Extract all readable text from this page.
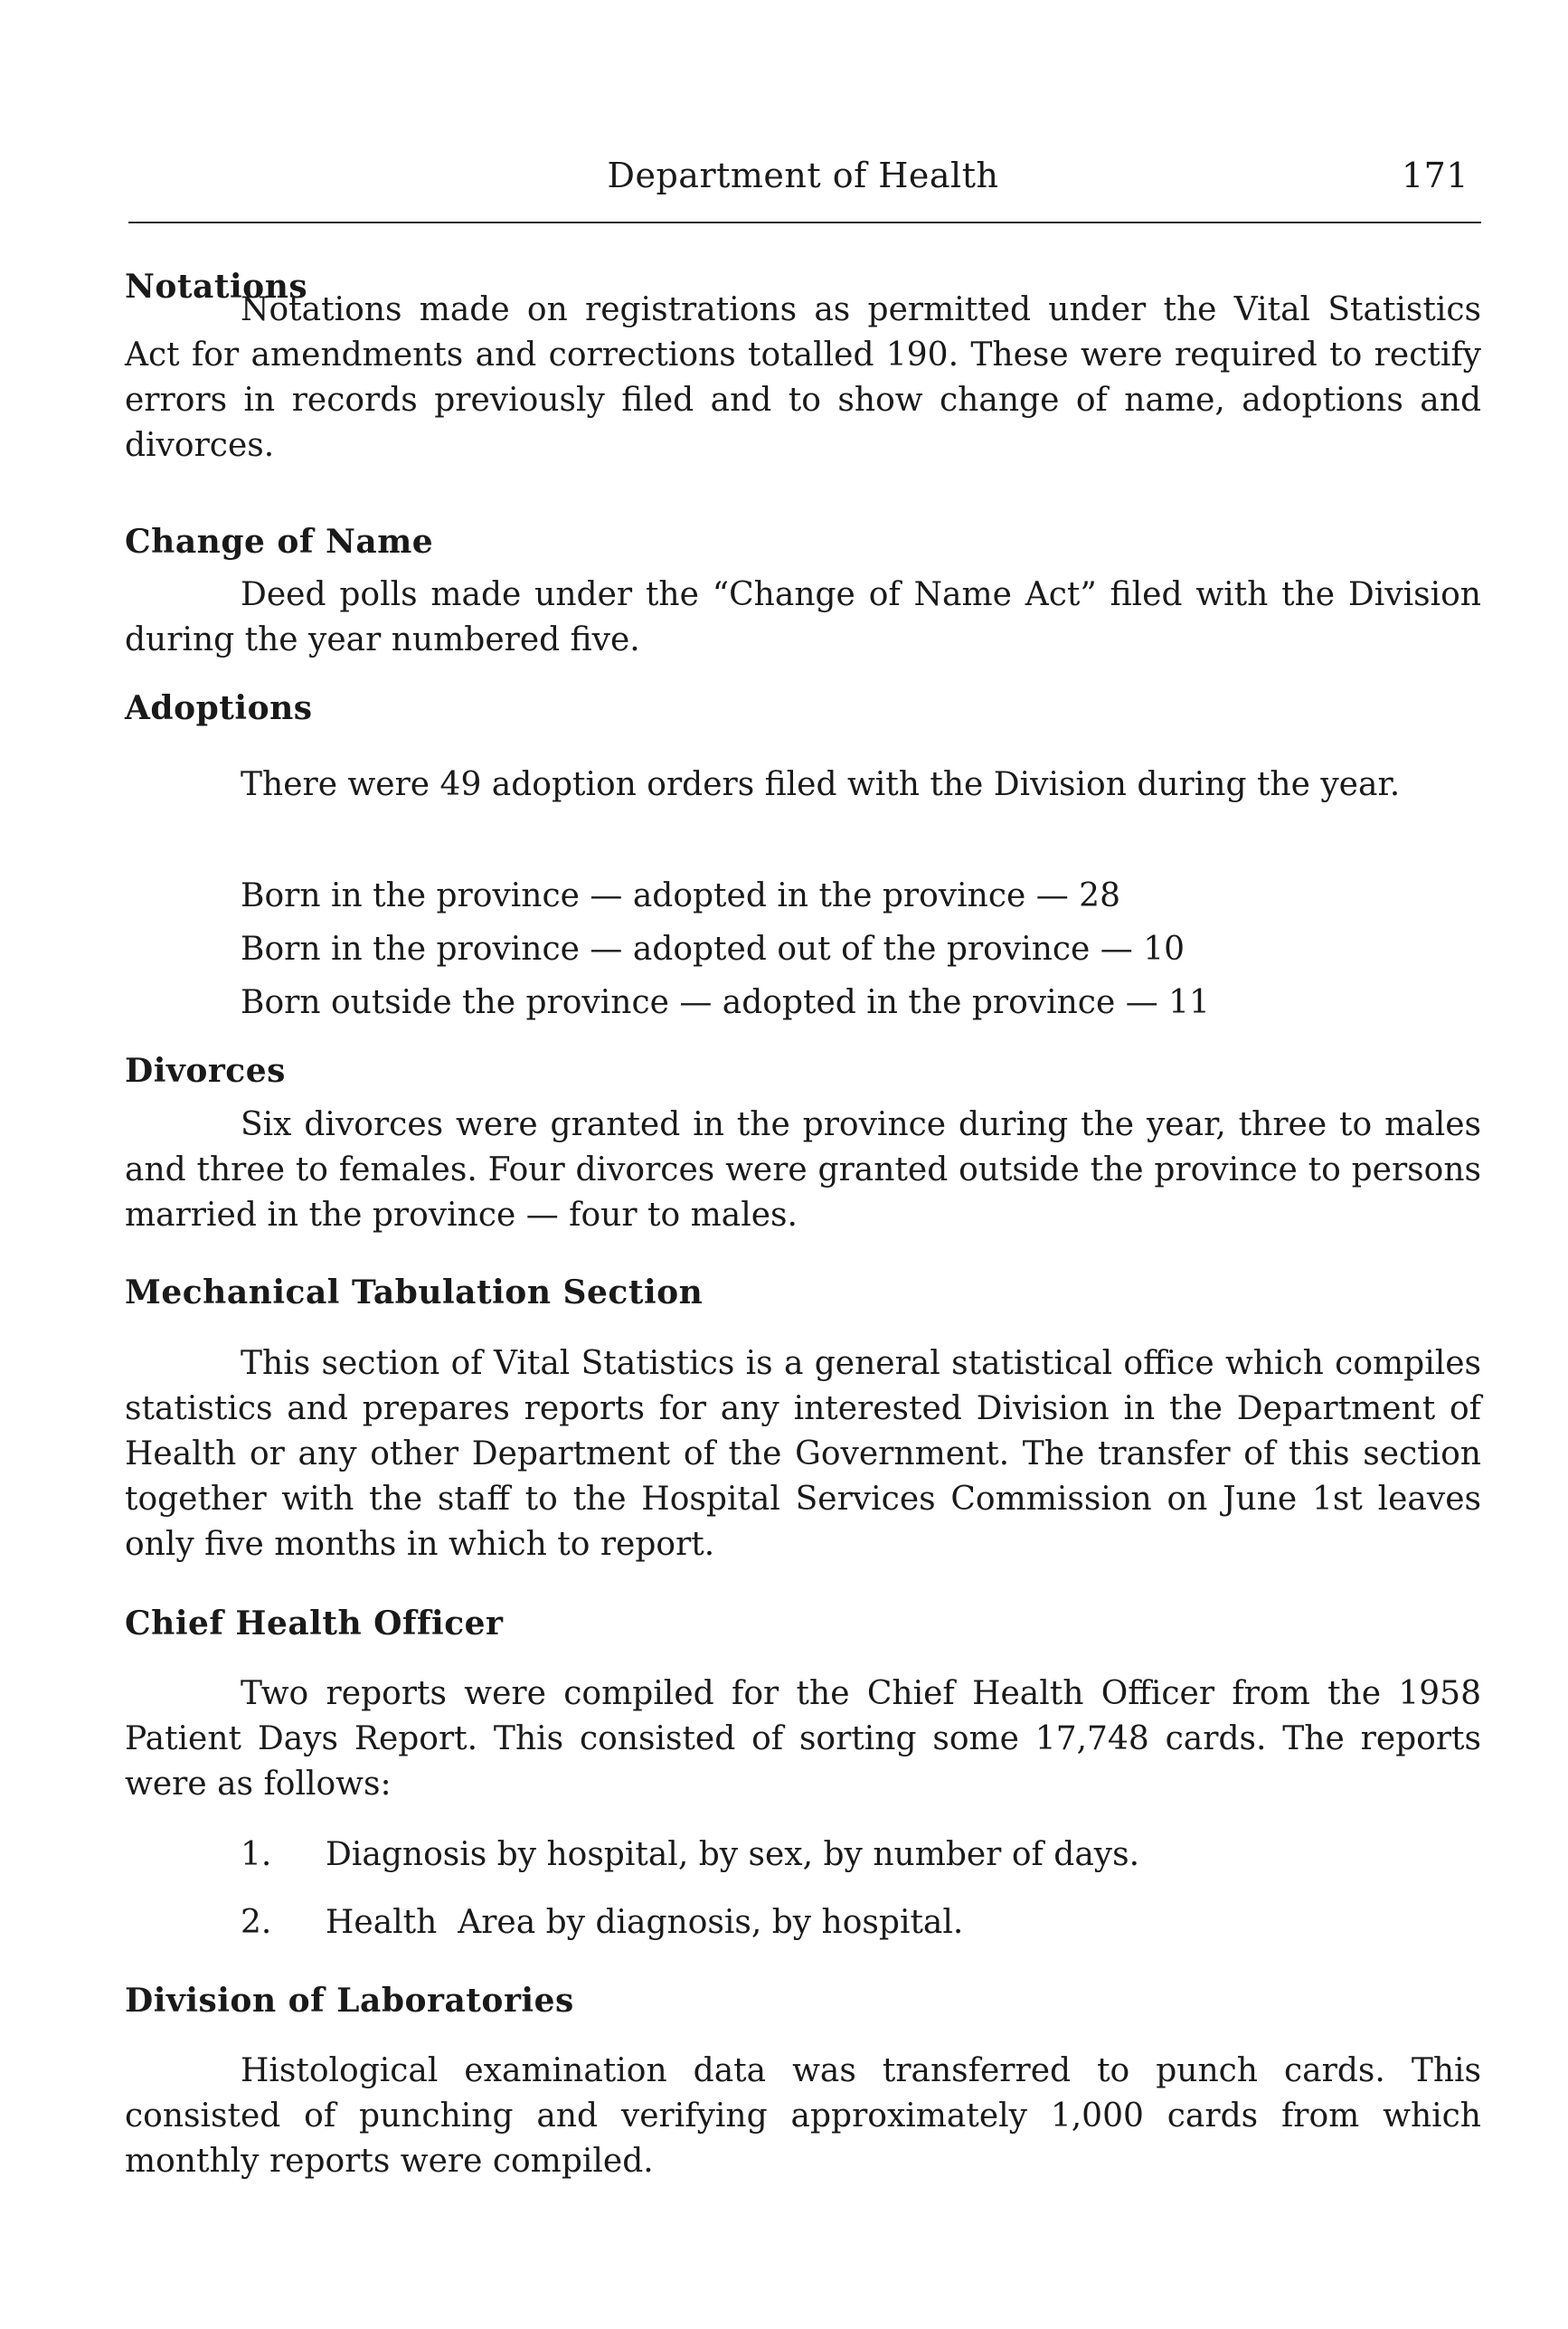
Department of Health	171
Notations

Notations made on registrations as permitted under the Vital Statistics Act for amendments and corrections totalled 190. These were required to rectify errors in records previously filed and to show change of name, adoptions and divorces.

Change of Name

Deed polls made under the “Change of Name Act” filed with the Division during the year numbered five.

Adoptions

There were 49 adoption orders filed with the Division during the year.

Born in the province — adopted in the province — 28
Born in the province — adopted out of the province — 10
Born outside the province — adopted in the province — 11
Divorces

Six divorces were granted in the province during the year, three to males and three to females. Four divorces were granted outside the province to persons married in the province — four to males.

Mechanical Tabulation Section

This section of Vital Statistics is a general statistical office which compiles statistics and prepares reports for any interested Division in the Department of Health or any other Department of the Government. The transfer of this section together with the staff to the Hospital Services Commission on June 1st leaves only five months in which to report.

Chief Health Officer

Two reports were compiled for the Chief Health Officer from the 1958 Patient Days Report. This consisted of sorting some 17,748 cards. The reports were as follows:

1. Diagnosis by hospital, by sex, by number of days.
2. Health  Area by diagnosis, by hospital.
Division of Laboratories

Histological examination data was transferred to punch cards. This consisted of punching and verifying approximately 1,000 cards from which monthly reports were compiled.
